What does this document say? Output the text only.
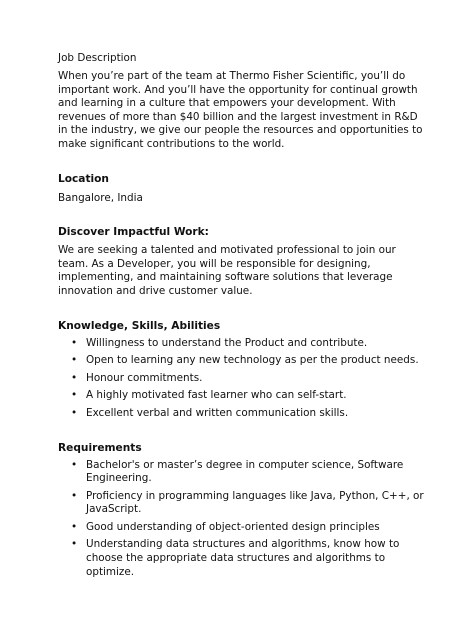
Job Description

When you’re part of the team at Thermo Fisher Scientific, you’ll do important work. And you’ll have the opportunity for continual growth and learning in a culture that empowers your development. With revenues of more than $40 billion and the largest investment in R&D in the industry, we give our people the resources and opportunities to make significant contributions to the world.

Location

Bangalore, India

Discover Impactful Work:

We are seeking a talented and motivated professional to join our team. As a Developer, you will be responsible for designing, implementing, and maintaining software solutions that leverage innovation and drive customer value.

Knowledge, Skills, Abilities
• Willingness to understand the Product and contribute.
• Open to learning any new technology as per the product needs.
• Honour commitments.
• A highly motivated fast learner who can self-start.
• Excellent verbal and written communication skills.
Requirements
• Bachelor's or master’s degree in computer science, Software Engineering.
• Proficiency in programming languages like Java, Python, C++, or JavaScript.
• Good understanding of object-oriented design principles
• Understanding data structures and algorithms, know how to choose the appropriate data structures and algorithms to optimize.
